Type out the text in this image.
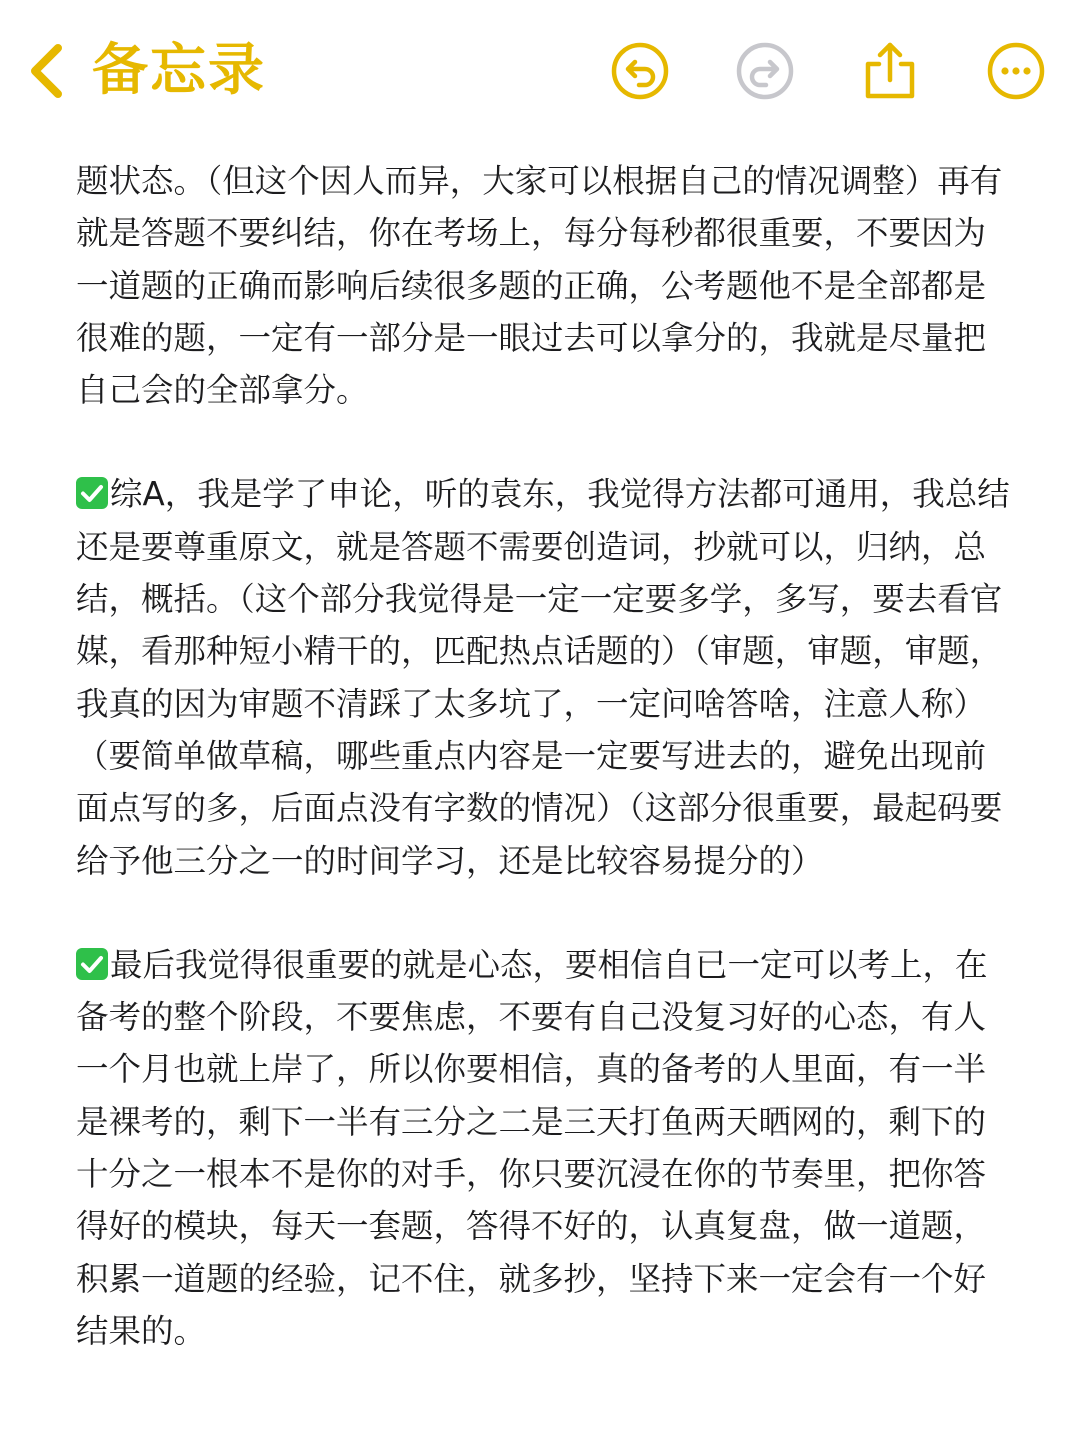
备忘录

题状态。（但这个因人而异，大家可以根据自己的情况调整）再有就是答题不要纠结，你在考场上，每分每秒都很重要，不要因为一道题的正确而影响后续很多题的正确，公考题他不是全部都是很难的题，一定有一部分是一眼过去可以拿分的，我就是尽量把自己会的全部拿分。

综A，我是学了申论，听的袁东，我觉得方法都可通用，我总结还是要尊重原文，就是答题不需要创造词，抄就可以，归纳，总结，概括。（这个部分我觉得是一定一定要多学，多写，要去看官媒，看那种短小精干的，匹配热点话题的）（审题，审题，审题，我真的因为审题不清踩了太多坑了，一定问啥答啥，注意人称）（要简单做草稿，哪些重点内容是一定要写进去的，避免出现前面点写的多，后面点没有字数的情况）（这部分很重要，最起码要给予他三分之一的时间学习，还是比较容易提分的）

最后我觉得很重要的就是心态，要相信自已一定可以考上，在备考的整个阶段，不要焦虑，不要有自己没复习好的心态，有人一个月也就上岸了，所以你要相信，真的备考的人里面，有一半是裸考的，剩下一半有三分之二是三天打鱼两天晒网的，剩下的十分之一根本不是你的对手，你只要沉浸在你的节奏里，把你答得好的模块，每天一套题，答得不好的，认真复盘，做一道题，积累一道题的经验，记不住，就多抄，坚持下来一定会有一个好结果的。
